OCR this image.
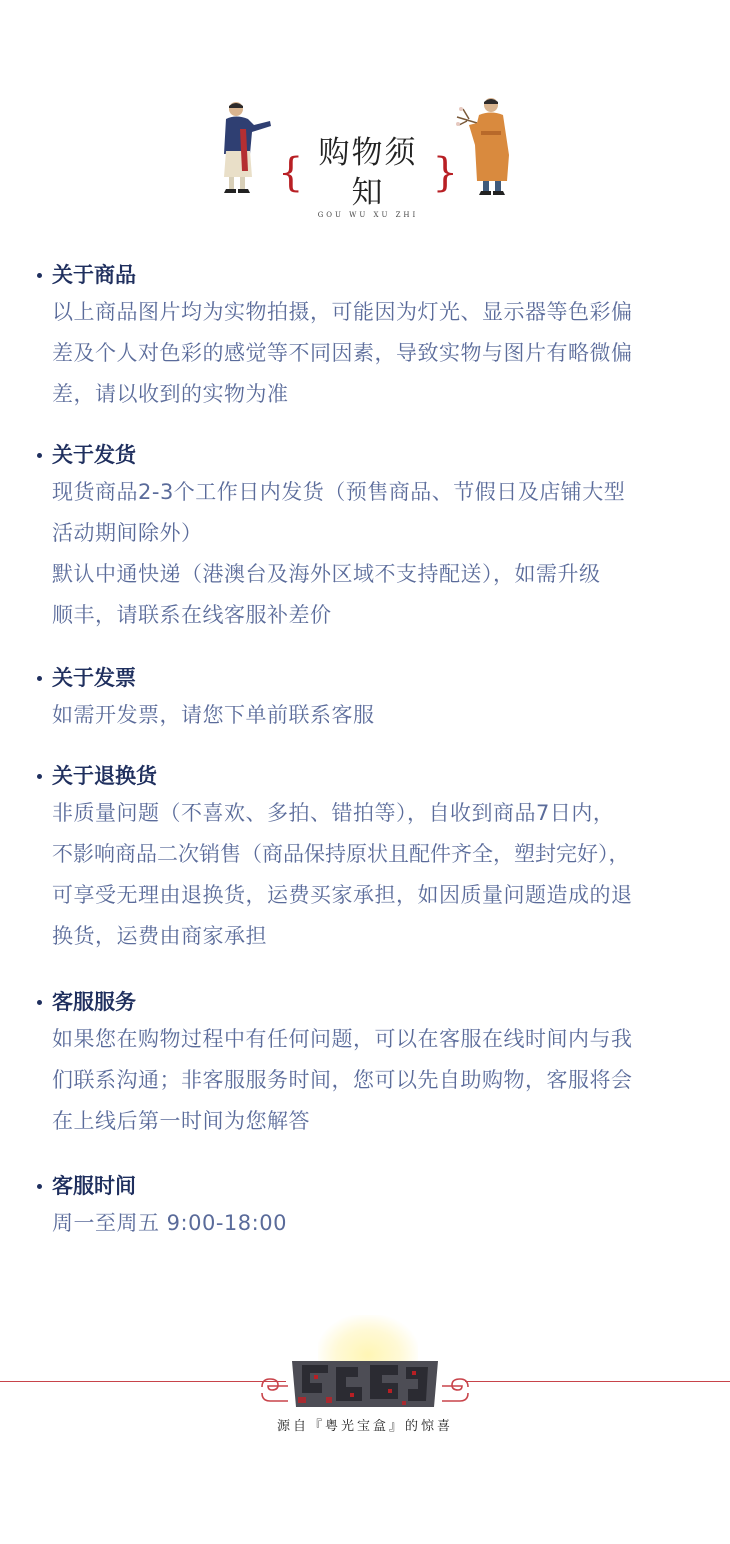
{ 购物须知	}
GOU WU XU ZHI
关于商品

以上商品图片均为实物拍摄，可能因为灯光、显示器等色彩偏
差及个人对色彩的感觉等不同因素，导致实物与图片有略微偏
差，请以收到的实物为准

关于发货

现货商品2-3个工作日内发货（预售商品、节假日及店铺大型
活动期间除外）
默认中通快递（港澳台及海外区域不支持配送），如需升级
顺丰，请联系在线客服补差价

关于发票

如需开发票，请您下单前联系客服

关于退换货

非质量问题（不喜欢、多拍、错拍等），自收到商品7日内，
不影响商品二次销售（商品保持原状且配件齐全，塑封完好），
可享受无理由退换货，运费买家承担，如因质量问题造成的退
换货，运费由商家承担

客服服务

如果您在购物过程中有任何问题，可以在客服在线时间内与我
们联系沟通；非客服服务时间，您可以先自助购物，客服将会
在上线后第一时间为您解答

客服时间

周一至周五 9:00-18:00

源自『粤光宝盒』的惊喜
